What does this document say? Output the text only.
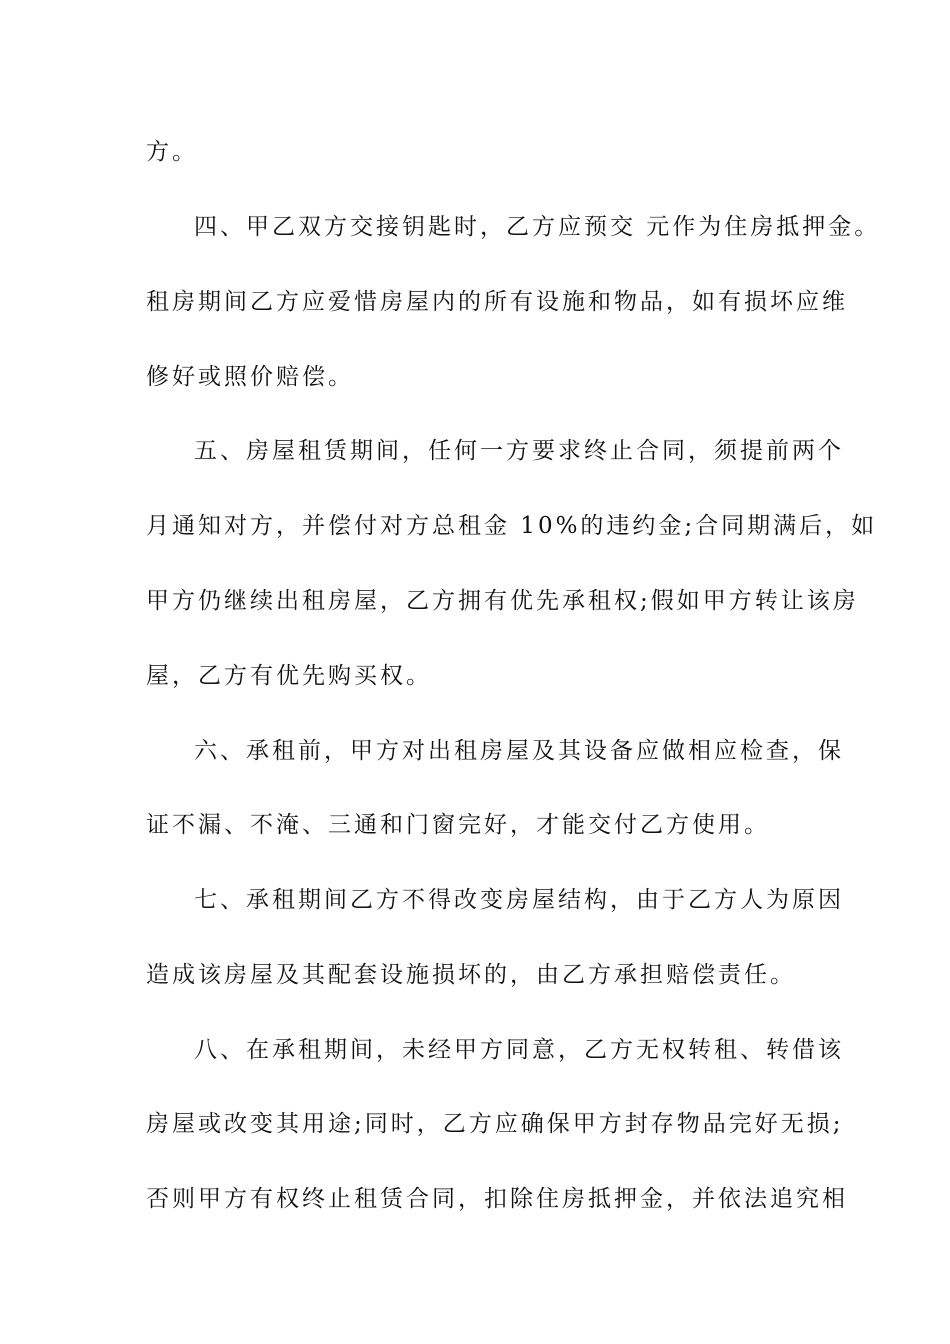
方。

四、甲乙双方交接钥匙时，乙方应预交 元作为住房抵押金。

租房期间乙方应爱惜房屋内的所有设施和物品，如有损坏应维

修好或照价赔偿。

五、房屋租赁期间，任何一方要求终止合同，须提前两个

月通知对方，并偿付对方总租金 10%的违约金;合同期满后，如

甲方仍继续出租房屋，乙方拥有优先承租权;假如甲方转让该房

屋，乙方有优先购买权。

六、承租前，甲方对出租房屋及其设备应做相应检查，保

证不漏、不淹、三通和门窗完好，才能交付乙方使用。

七、承租期间乙方不得改变房屋结构，由于乙方人为原因

造成该房屋及其配套设施损坏的，由乙方承担赔偿责任。

八、在承租期间，未经甲方同意，乙方无权转租、转借该

房屋或改变其用途;同时，乙方应确保甲方封存物品完好无损;

否则甲方有权终止租赁合同，扣除住房抵押金，并依法追究相
